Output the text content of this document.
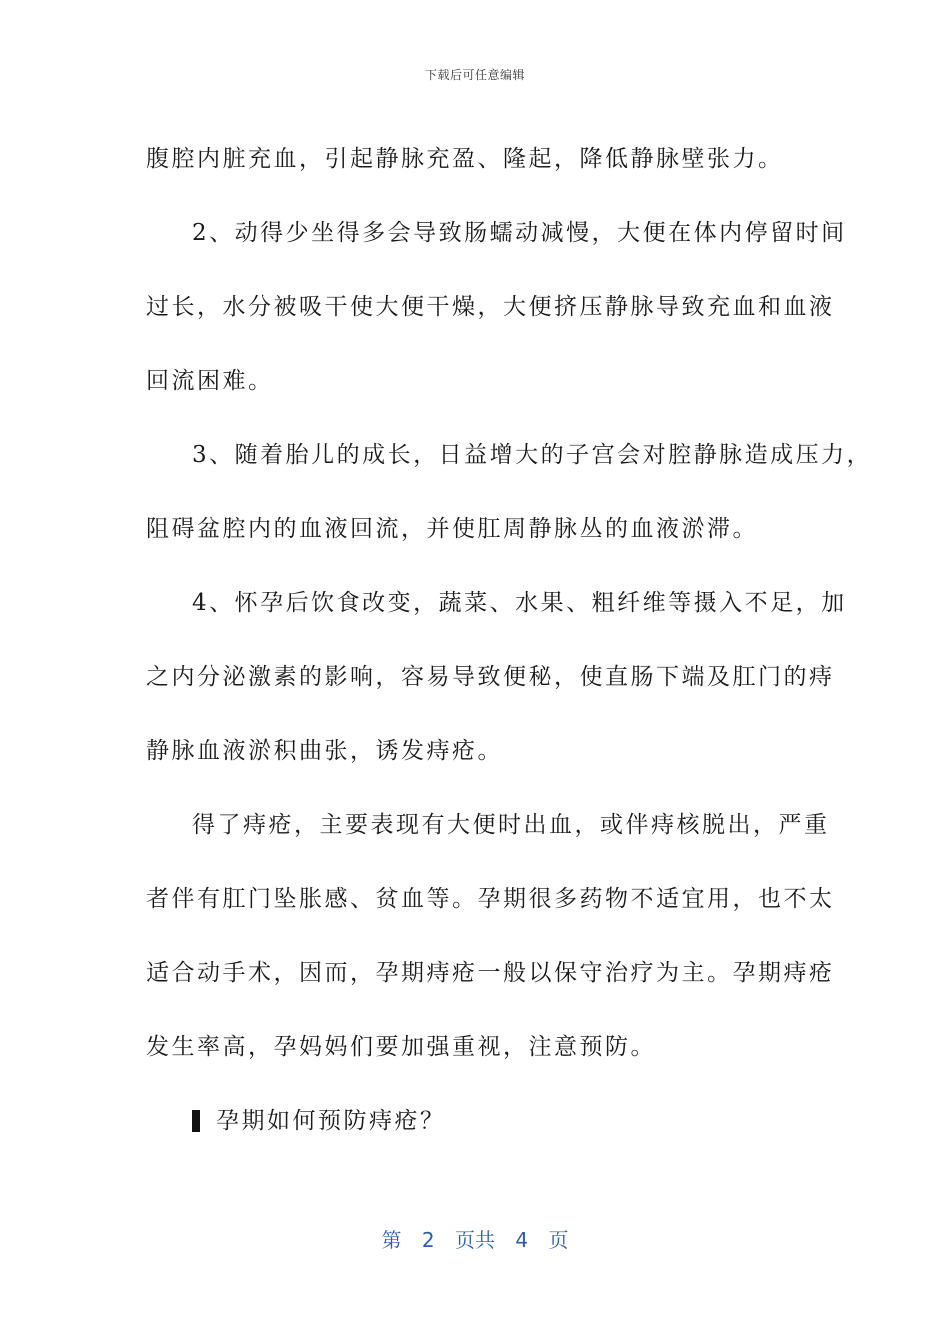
下载后可任意编辑

腹腔内脏充血，引起静脉充盈、隆起，降低静脉壁张力。

2、动得少坐得多会导致肠蠕动减慢，大便在体内停留时间

过长，水分被吸干使大便干燥，大便挤压静脉导致充血和血液

回流困难。

3、随着胎儿的成长，日益增大的子宫会对腔静脉造成压力，

阻碍盆腔内的血液回流，并使肛周静脉丛的血液淤滞。

4、怀孕后饮食改变，蔬菜、水果、粗纤维等摄入不足，加

之内分泌激素的影响，容易导致便秘，使直肠下端及肛门的痔

静脉血液淤积曲张，诱发痔疮。

得了痔疮，主要表现有大便时出血，或伴痔核脱出，严重

者伴有肛门坠胀感、贫血等。孕期很多药物不适宜用，也不太

适合动手术，因而，孕期痔疮一般以保守治疗为主。孕期痔疮

发生率高，孕妈妈们要加强重视，注意预防。

孕期如何预防痔疮？

第 2 页共 4 页
